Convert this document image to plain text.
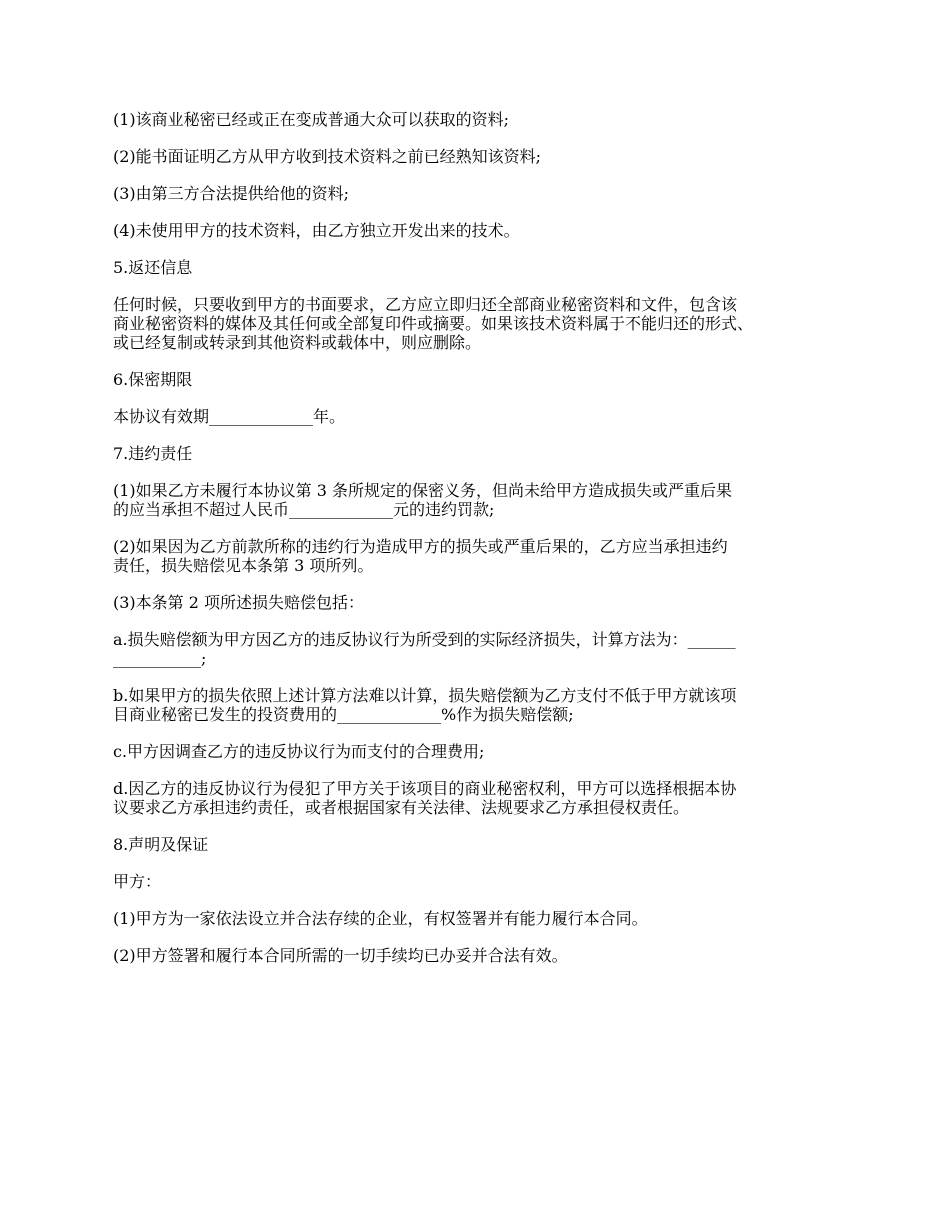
(1)该商业秘密已经或正在变成普通大众可以获取的资料;

(2)能书面证明乙方从甲方收到技术资料之前已经熟知该资料;

(3)由第三方合法提供给他的资料;

(4)未使用甲方的技术资料，由乙方独立开发出来的技术。

5.返还信息

任何时候，只要收到甲方的书面要求，乙方应立即归还全部商业秘密资料和文件，包含该
商业秘密资料的媒体及其任何或全部复印件或摘要。如果该技术资料属于不能归还的形式、
或已经复制或转录到其他资料或载体中，则应删除。

6.保密期限

本协议有效期_____________年。

7.违约责任

(1)如果乙方未履行本协议第 3 条所规定的保密义务，但尚未给甲方造成损失或严重后果
的应当承担不超过人民币_____________元的违约罚款;

(2)如果因为乙方前款所称的违约行为造成甲方的损失或严重后果的，乙方应当承担违约
责任，损失赔偿见本条第 3 项所列。

(3)本条第 2 项所述损失赔偿包括：

a.损失赔偿额为甲方因乙方的违反协议行为所受到的实际经济损失，计算方法为：______
___________;

b.如果甲方的损失依照上述计算方法难以计算，损失赔偿额为乙方支付不低于甲方就该项
目商业秘密已发生的投资费用的_____________%作为损失赔偿额;

c.甲方因调查乙方的违反协议行为而支付的合理费用;

d.因乙方的违反协议行为侵犯了甲方关于该项目的商业秘密权利，甲方可以选择根据本协
议要求乙方承担违约责任，或者根据国家有关法律、法规要求乙方承担侵权责任。

8.声明及保证

甲方：

(1)甲方为一家依法设立并合法存续的企业，有权签署并有能力履行本合同。

(2)甲方签署和履行本合同所需的一切手续均已办妥并合法有效。
